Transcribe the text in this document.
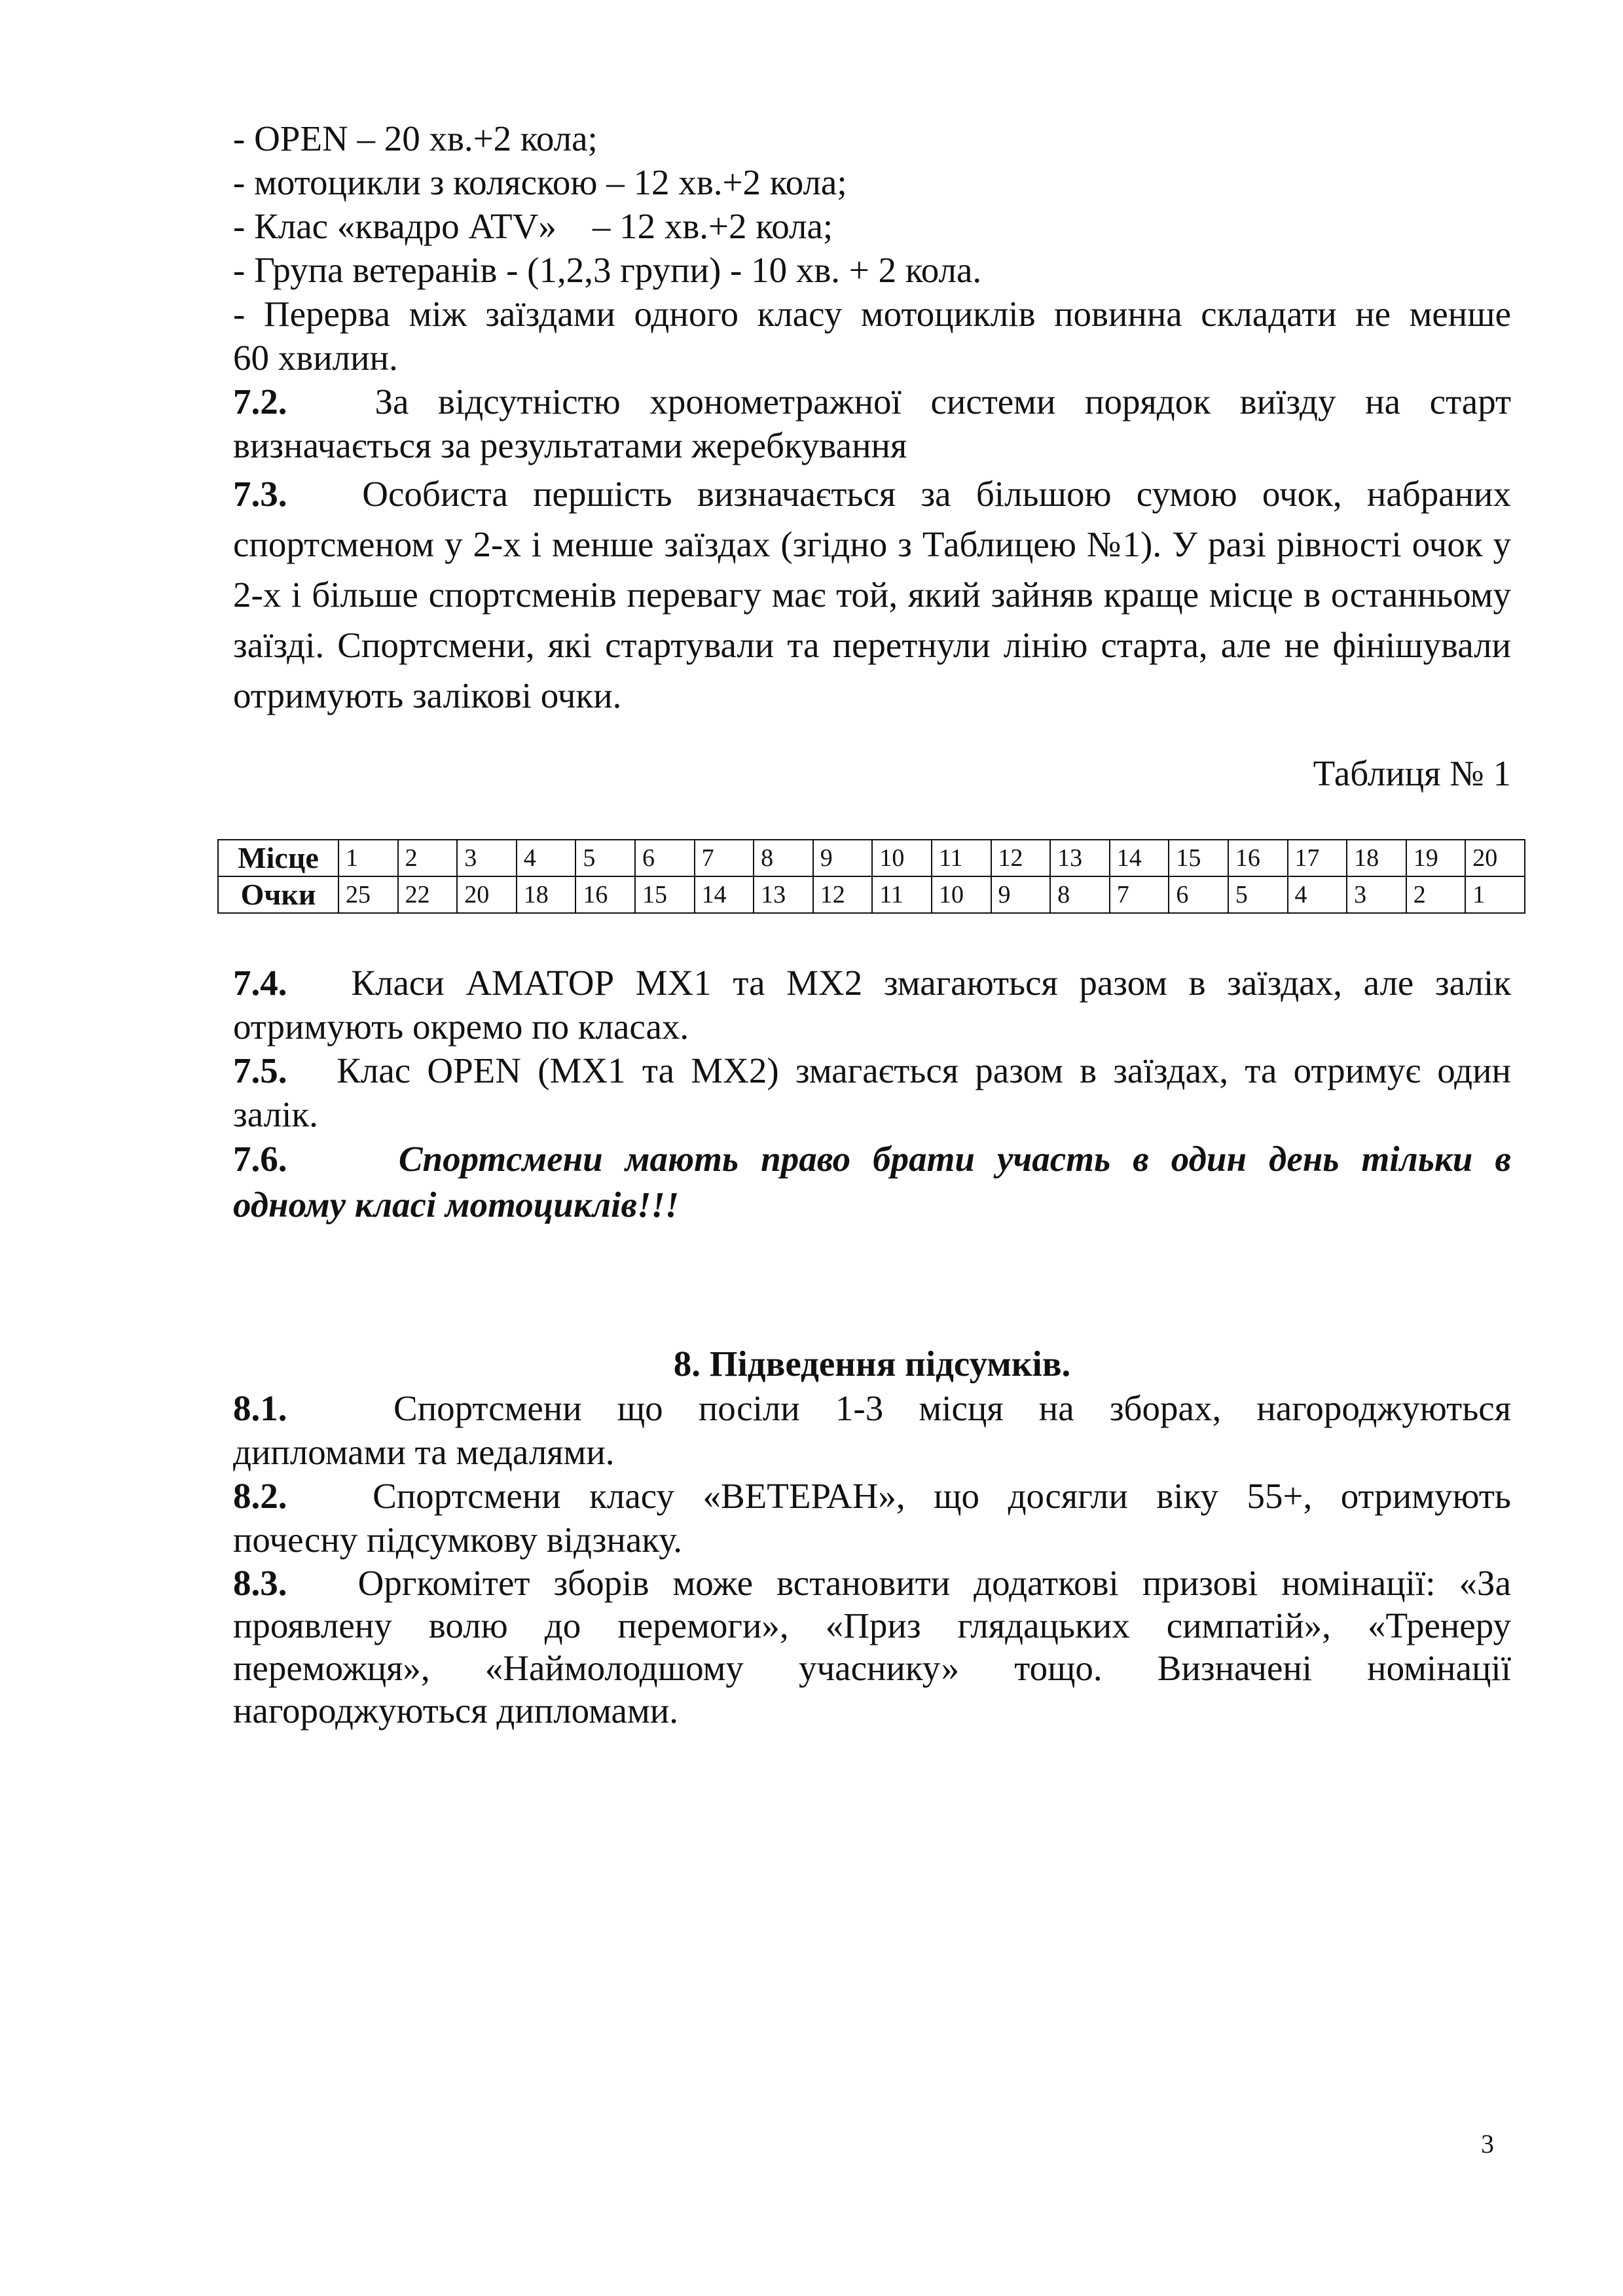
- OPEN – 20 хв.+2 кола;
- мотоцикли з коляскою – 12 хв.+2 кола;
- Клас «квадро ATV»    – 12 хв.+2 кола;
- Група ветеранів - (1,2,3 групи) - 10 хв. + 2 кола.
- Перерва між заїздами одного класу мотоциклів повинна складати не менше
60 хвилин.
7.2. За відсутністю хронометражної системи порядок виїзду на старт
визначається за результатами жеребкування

7.3. Особиста першість визначається за більшою сумою очок, набраних спортсменом у 2-х і менше заїздах (згідно з Таблицею №1). У разі рівності очок у 2-х і більше спортсменів перевагу має той, який зайняв краще місце в останньому заїзді. Спортсмени, які стартували та перетнули лінію старта, але не фінішували отримують залікові очки.

Таблиця № 1
Місце	1	2	3	4	5	6	7	8	9	10	11	12	13	14	15	16	17	18	19	20
Очки	25	22	20	18	16	15	14	13	12	11	10	9	8	7	6	5	4	3	2	1
7.4. Класи АМАТОР MX1 та MX2 змагаються разом в заїздах, але залік
отримують окремо по класах.
7.5. Клас OPEN (MX1 та MX2) змагається разом в заїздах, та отримує один
залік.
7.6.	Спортсмени мають право брати участь в один день тільки в
одному класі мотоциклів!!!
8. Підведення підсумків.
8.1.	Спортсмени що посіли 1-3 місця на зборах, нагороджуються
дипломами та медалями.
8.2. Спортсмени класу «ВЕТЕРАН», що досягли віку 55+, отримують
почесну підсумкову відзнаку.

8.3. Оргкомітет зборів може встановити додаткові призові номінації: «За проявлену волю до перемоги», «Приз глядацьких симпатій», «Тренеру переможця», «Наймолодшому учаснику» тощо. Визначені номінації нагороджуються дипломами.

3
